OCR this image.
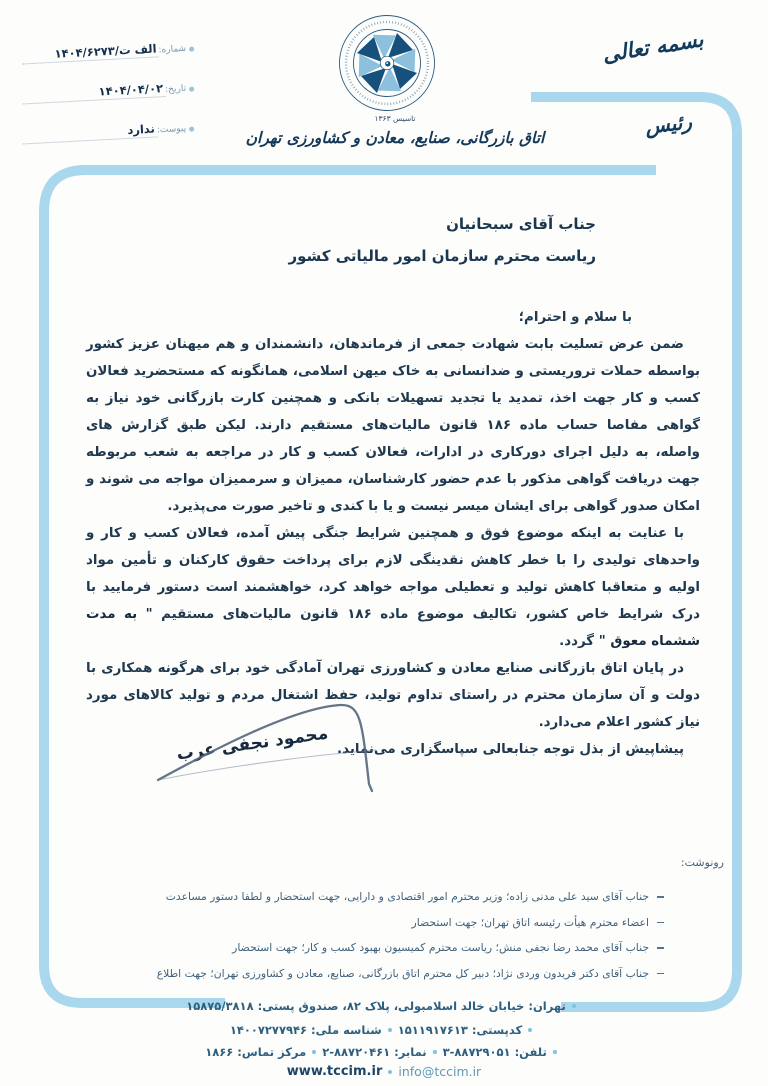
شماره:
۱۴۰۴/۶۲۷۳/الف ت
تاریخ:
۱۴۰۴/۰۴/۰۲
پیوست:
ندارد
بسمه تعالی
رئیس
تاسیس ۱۳۶۳
اتاق بازرگانی، صنایع، معادن و کشاورزی تهران
جناب آقای سبحانیان
ریاست محترم سازمان امور مالیاتی کشور

با سلام و احترام؛

ضمن عرض تسلیت بابت شهادت جمعی از فرماندهان، دانشمندان و هم میهنان عزیز کشور بواسطه حملات تروریستی و ضدانسانی به خاک میهن اسلامی، همانگونه که مستحضرید فعالان کسب و کار جهت اخذ، تمدید یا تجدید تسهیلات بانکی و همچنین کارت بازرگانی خود نیاز به گواهی مفاصا حساب ماده ۱۸۶ قانون مالیات‌های مستقیم دارند. لیکن طبق گزارش های واصله، به دلیل اجرای دورکاری در ادارات، فعالان کسب و کار در مراجعه به شعب مربوطه جهت دریافت گواهی مذکور با عدم حضور کارشناسان، ممیزان و سرممیزان مواجه می شوند و امکان صدور گواهی برای ایشان میسر نیست و یا با کندی و تاخیر صورت می‌پذیرد.

با عنایت به اینکه موضوع فوق و همچنین شرایط جنگی پیش آمده، فعالان کسب و کار و واحدهای تولیدی را با خطر کاهش نقدینگی لازم برای پرداخت حقوق کارکنان و تأمین مواد اولیه و متعاقبا کاهش تولید و تعطیلی مواجه خواهد کرد، خواهشمند است دستور فرمایید با درک شرایط خاص کشور، تکالیف موضوع ماده ۱۸۶ قانون مالیات‌های مستقیم " به مدت ششماه معوق " گردد.

در پایان اتاق بازرگانی صنایع معادن و کشاورزی تهران آمادگی خود برای هرگونه همکاری با دولت و آن سازمان محترم در راستای تداوم تولید، حفظ اشتغال مردم و تولید کالاهای مورد نیاز کشور اعلام می‌دارد.

پیشاپیش از بذل توجه جنابعالی سپاسگزاری می‌نماید.

محمود نجفی عرب
رونوشت:
جناب آقای سید علی مدنی زاده؛ وزیر محترم امور اقتصادی و دارایی، جهت استحضار و لطفا دستور مساعدت
اعضاء محترم هیأت رئیسه اتاق تهران؛ جهت استحضار
جناب آقای محمد رضا نجفی منش؛ ریاست محترم کمیسیون بهبود کسب و کار؛ جهت استحضار
جناب آقای دکتر فریدون وردی نژاد؛ دبیر کل محترم اتاق بازرگانی، صنایع، معادن و کشاورزی تهران؛ جهت اطلاع
تهران: خیابان خالد اسلامبولی، پلاک ۸۲، صندوق پستی: ۱۵۸۷۵/۳۸۱۸
کدپستی: ۱۵۱۱۹۱۷۶۱۳
شناسه ملی: ۱۴۰۰۷۲۷۷۹۴۶
تلفن: ۸۸۷۲۹۰۵۱-۳
نمابر: ۸۸۷۲۰۴۶۱-۲
مرکز تماس: ۱۸۶۶
www.tccim.ir info@tccim.ir
